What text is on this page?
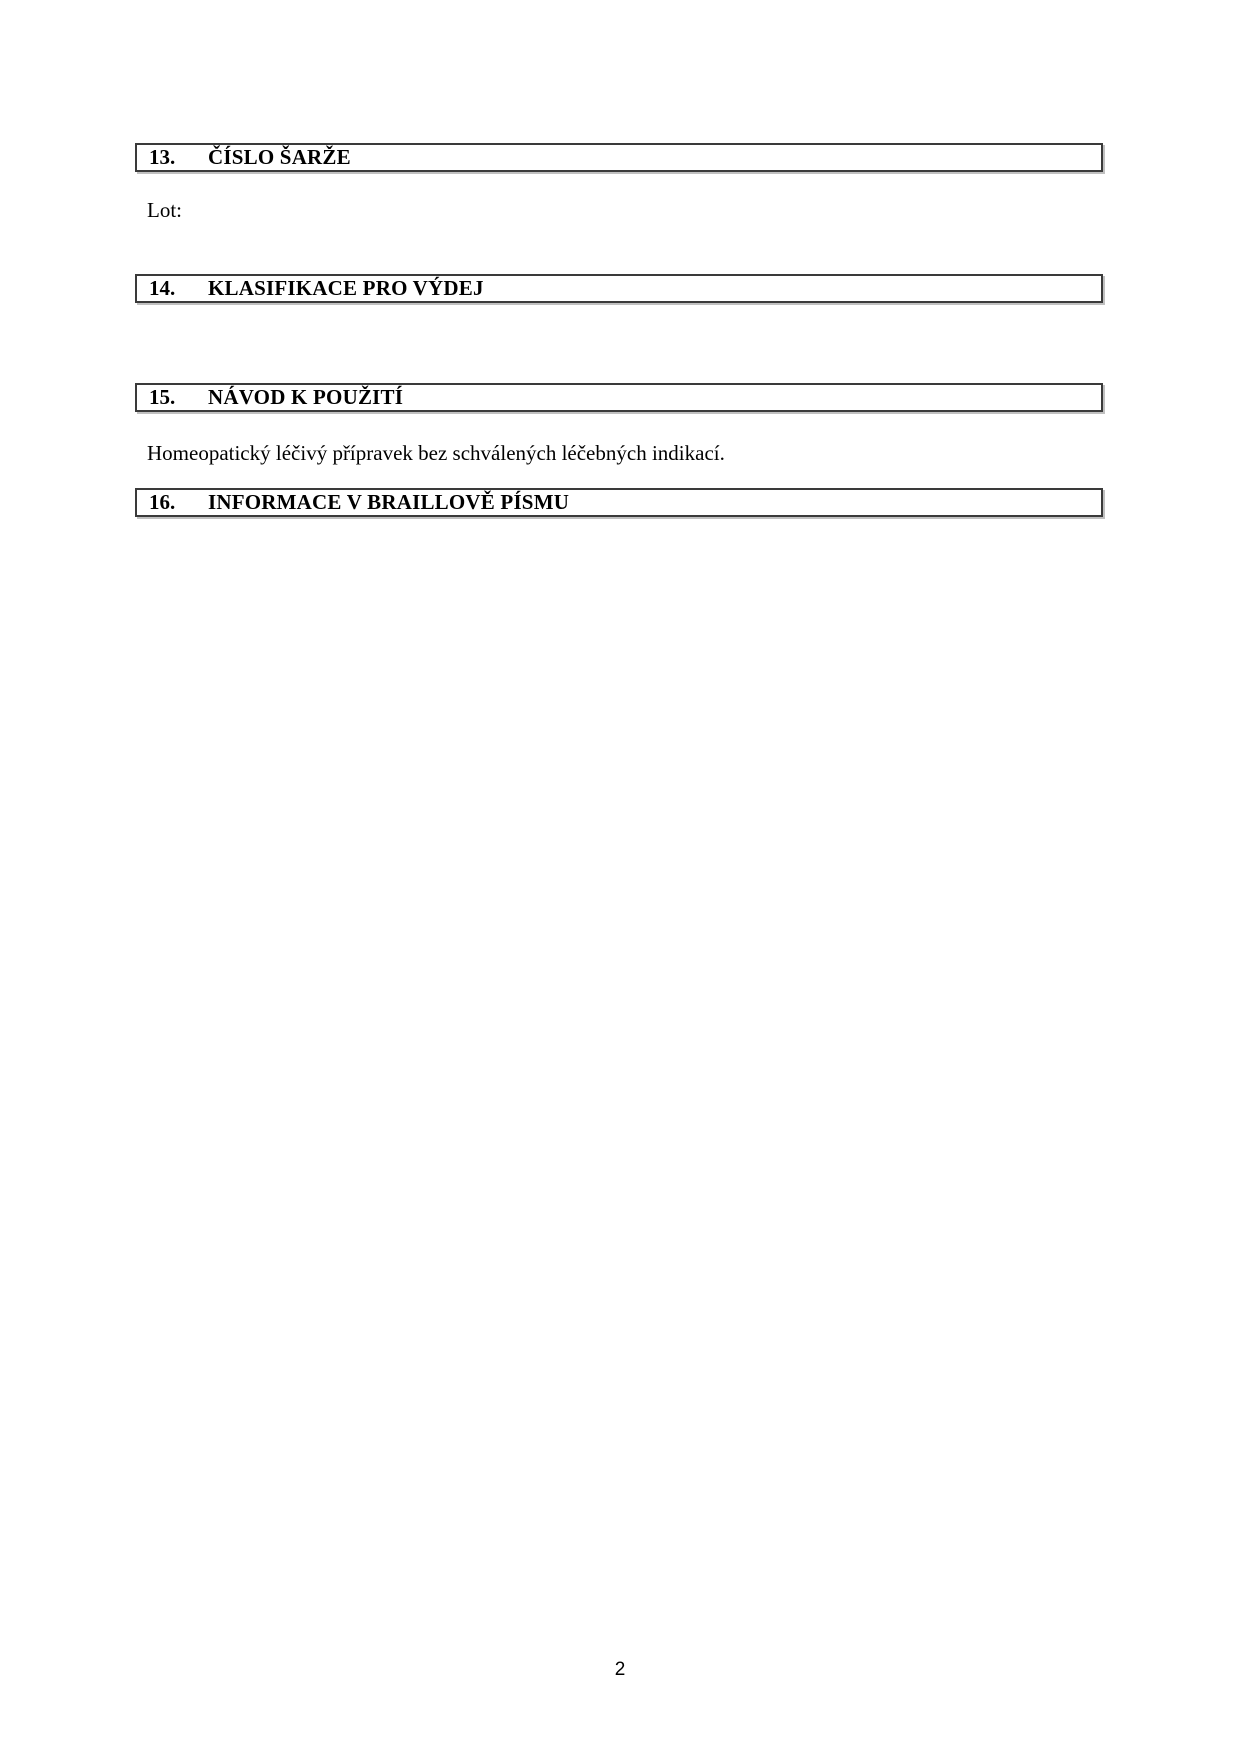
13.	ČÍSLO ŠARŽE
Lot:
14.	KLASIFIKACE PRO VÝDEJ
15.	NÁVOD K POUŽITÍ
Homeopatický léčivý přípravek bez schválených léčebných indikací.
16.	INFORMACE V BRAILLOVĚ PÍSMU
2
